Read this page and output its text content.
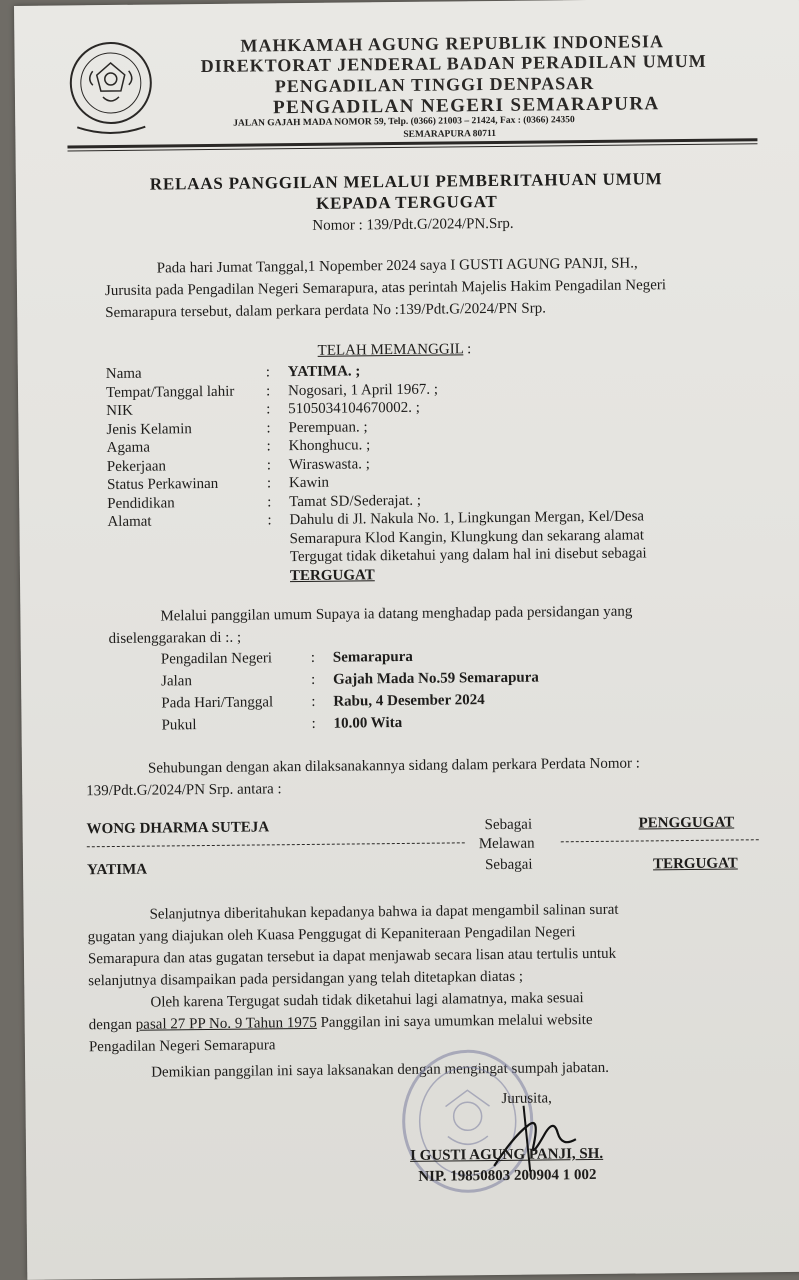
MAHKAMAH AGUNG REPUBLIK INDONESIA
DIREKTORAT JENDERAL BADAN PERADILAN UMUM
PENGADILAN TINGGI DENPASAR
PENGADILAN NEGERI SEMARAPURA
JALAN GAJAH MADA NOMOR 59, Telp. (0366) 21003 – 21424, Fax : (0366) 24350
SEMARAPURA 80711
RELAAS PANGGILAN MELALUI PEMBERITAHUAN UMUM
KEPADA TERGUGAT
Nomor : 139/Pdt.G/2024/PN.Srp.
Pada hari Jumat Tanggal,1 Nopember 2024 saya I GUSTI AGUNG PANJI, SH.,
Jurusita pada Pengadilan Negeri Semarapura, atas perintah Majelis Hakim Pengadilan Negeri
Semarapura tersebut, dalam perkara perdata No :139/Pdt.G/2024/PN Srp.
TELAH MEMANGGIL :
Nama	:	YATIMA. ;
Tempat/Tanggal lahir	:	Nogosari, 1 April 1967. ;
NIK	:	5105034104670002. ;
Jenis Kelamin	:	Perempuan. ;
Agama	:	Khonghucu. ;
Pekerjaan	:	Wiraswasta. ;
Status Perkawinan	:	Kawin
Pendidikan	:	Tamat SD/Sederajat. ;
Alamat	:	Dahulu di Jl. Nakula No. 1, Lingkungan Mergan, Kel/Desa
Semarapura Klod Kangin, Klungkung dan sekarang alamat
Tergugat tidak diketahui yang dalam hal ini disebut sebagai
TERGUGAT
Melalui panggilan umum Supaya ia datang menghadap pada persidangan yang
diselenggarakan di :. ;
Pengadilan Negeri	:	Semarapura
Jalan	:	Gajah Mada No.59 Semarapura
Pada Hari/Tanggal	:	Rabu, 4 Desember 2024
Pukul	:	10.00 Wita
Sehubungan dengan akan dilaksanakannya sidang dalam perkara Perdata Nomor :
139/Pdt.G/2024/PN Srp. antara :
WONG DHARMA SUTEJA	Sebagai	PENGGUGAT
Melawan
YATIMA	Sebagai	TERGUGAT
Selanjutnya diberitahukan kepadanya bahwa ia dapat mengambil salinan surat
gugatan yang diajukan oleh Kuasa Penggugat di Kepaniteraan Pengadilan Negeri
Semarapura dan atas gugatan tersebut ia dapat menjawab secara lisan atau tertulis untuk
selanjutnya disampaikan pada persidangan yang telah ditetapkan diatas ;
Oleh karena Tergugat sudah tidak diketahui lagi alamatnya, maka sesuai
dengan pasal 27 PP No. 9 Tahun 1975 Panggilan ini saya umumkan melalui website
Pengadilan Negeri Semarapura
Demikian panggilan ini saya laksanakan dengan mengingat sumpah jabatan.
Jurusita,
I GUSTI AGUNG PANJI, SH.
NIP. 19850803 200904 1 002
